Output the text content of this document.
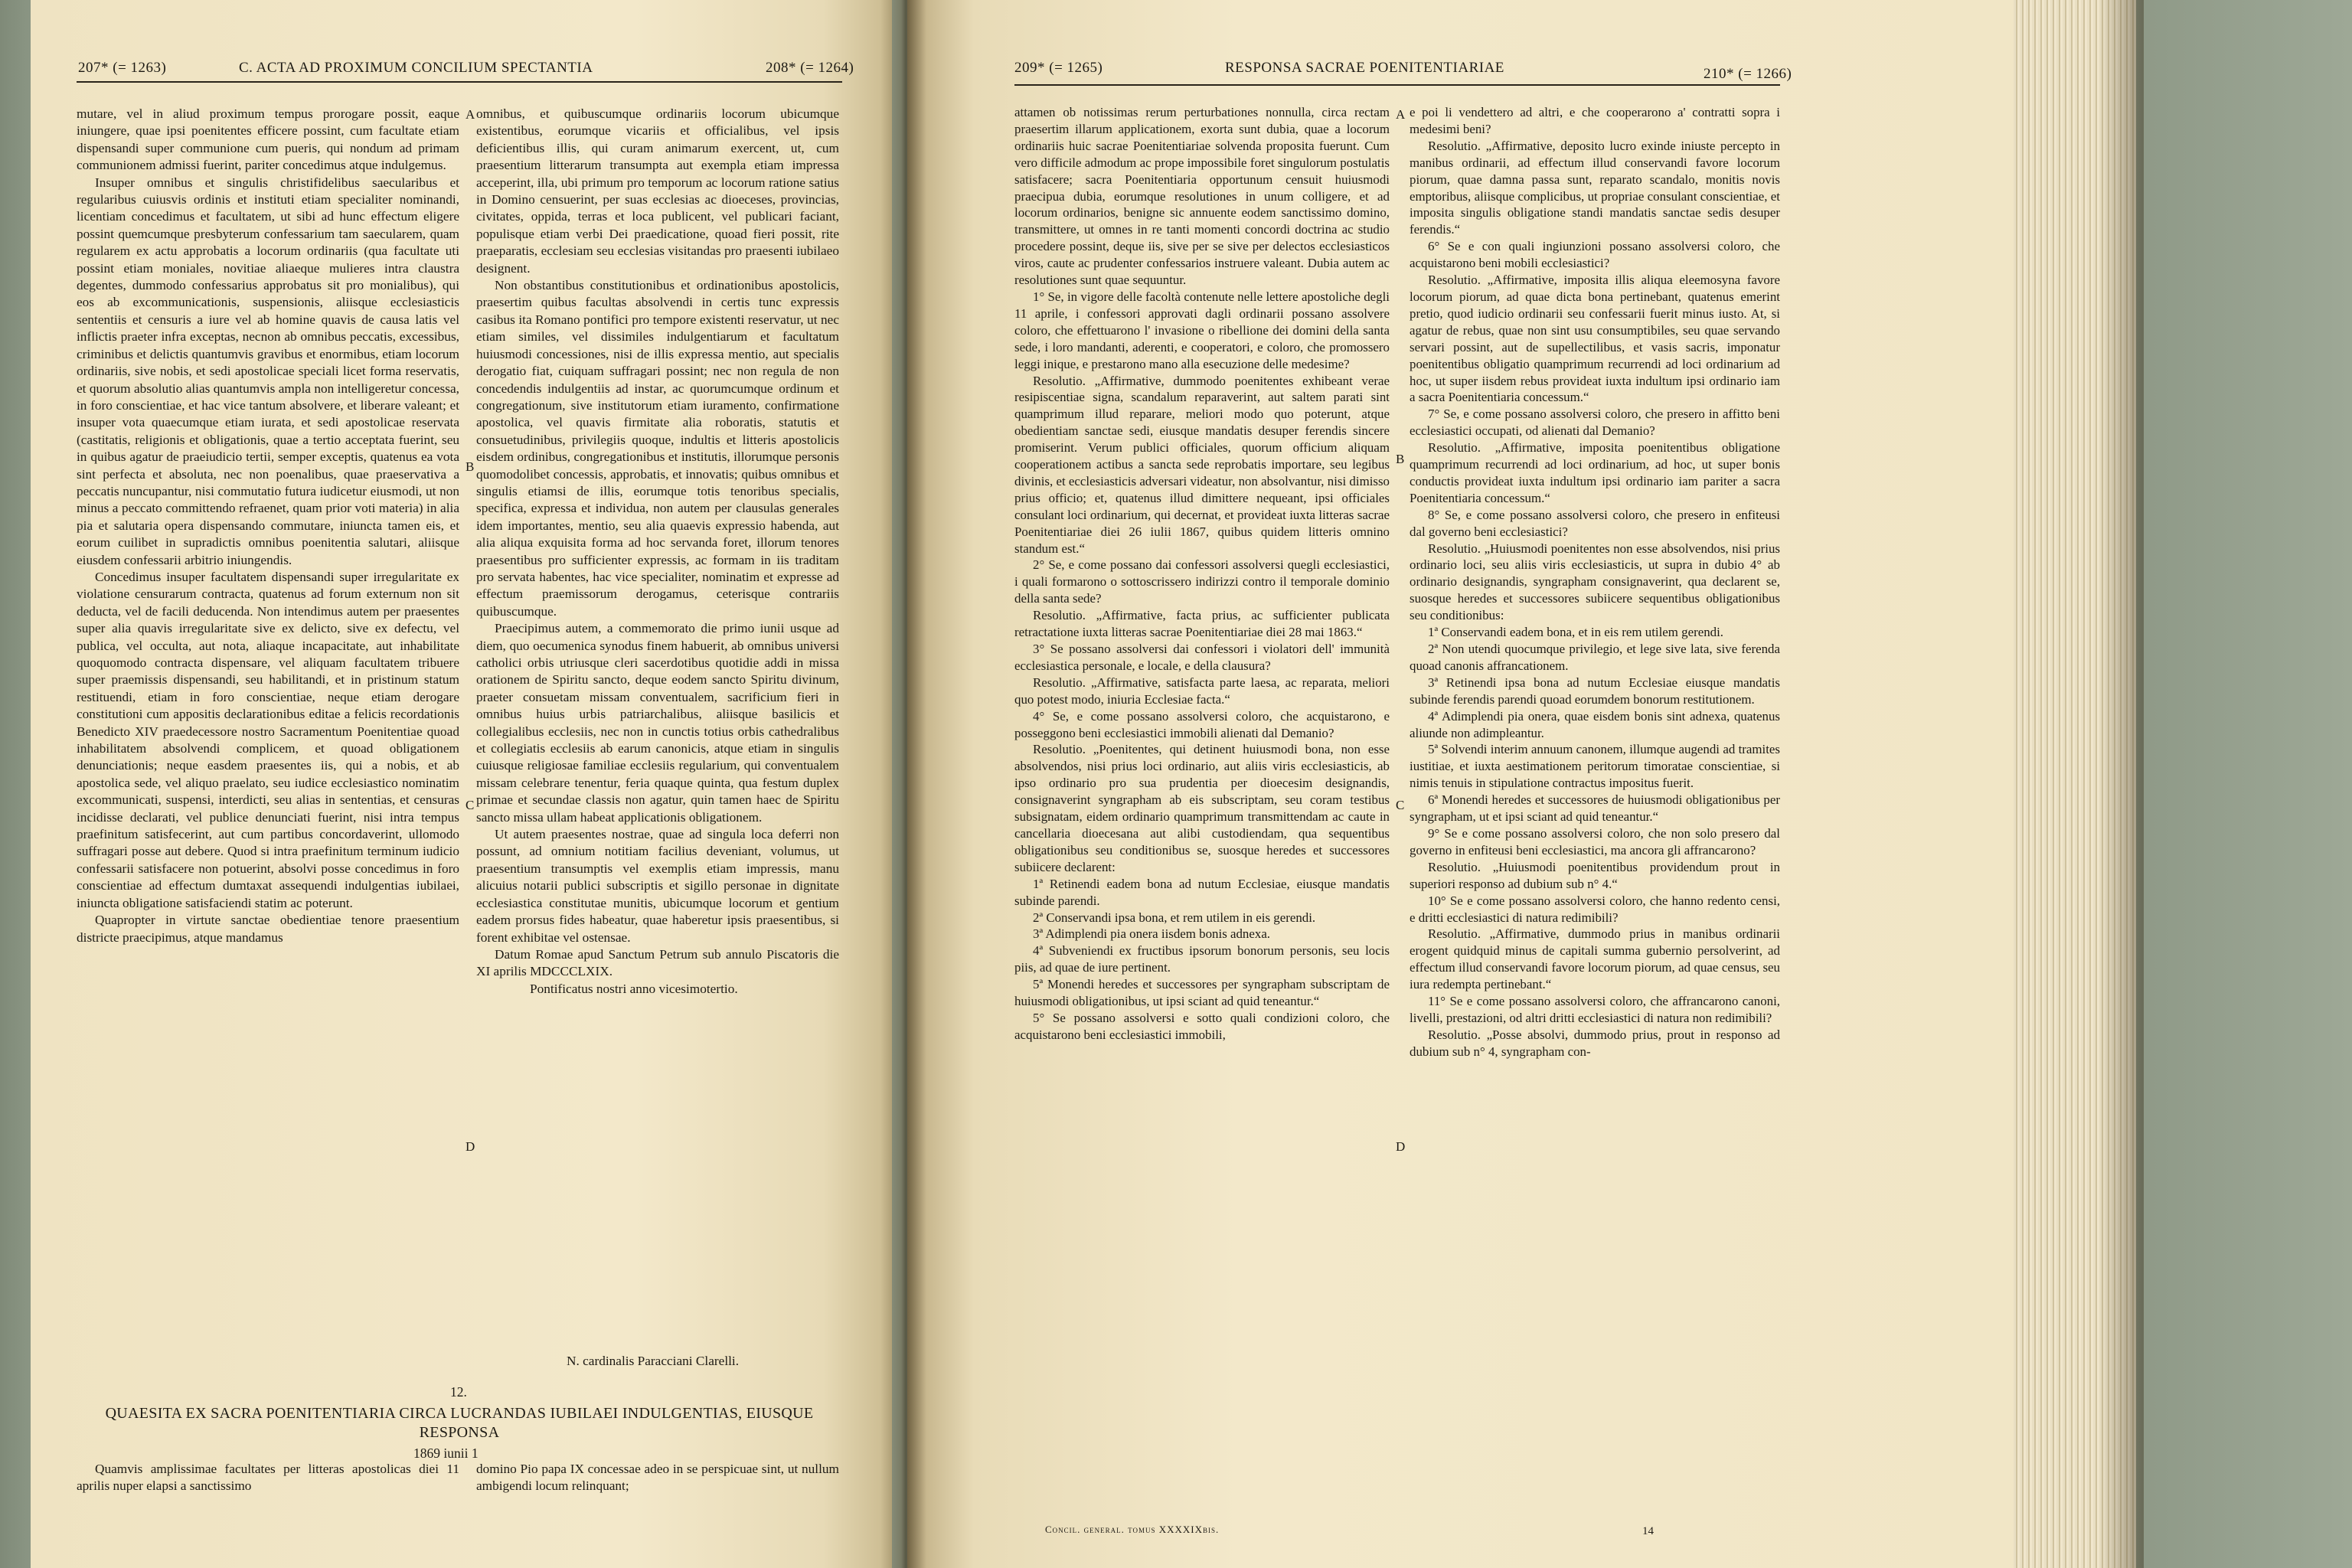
207* (= 1263)	C. ACTA AD PROXIMUM CONCILIUM SPECTANTIA	208* (= 1264)

mutare, vel in aliud proximum tempus prorogare possit, eaque iniungere, quae ipsi poenitentes efficere possint, cum facultate etiam dispensandi super communione cum pueris, qui nondum ad primam communionem admissi fuerint, pariter concedimus atque indulgemus.

Insuper omnibus et singulis christifidelibus saecularibus et regularibus cuiusvis ordinis et instituti etiam specialiter nominandi, licentiam concedimus et facultatem, ut sibi ad hunc effectum eligere possint quemcumque presbyterum confessarium tam saecularem, quam regularem ex actu approbatis a locorum ordinariis (qua facultate uti possint etiam moniales, novitiae aliaeque mulieres intra claustra degentes, dummodo confessarius approbatus sit pro monialibus), qui eos ab excommunicationis, suspensionis, aliisque ecclesiasticis sententiis et censuris a iure vel ab homine quavis de causa latis vel inflictis praeter infra exceptas, necnon ab omnibus peccatis, excessibus, criminibus et delictis quantumvis gravibus et enormibus, etiam locorum ordinariis, sive nobis, et sedi apostolicae speciali licet forma reservatis, et quorum absolutio alias quantumvis ampla non intelligeretur concessa, in foro conscientiae, et hac vice tantum absolvere, et liberare valeant; et insuper vota quaecumque etiam iurata, et sedi apostolicae reservata (castitatis, religionis et obligationis, quae a tertio acceptata fuerint, seu in quibus agatur de praeiudicio tertii, semper exceptis, quatenus ea vota sint perfecta et absoluta, nec non poenalibus, quae praeservativa a peccatis nuncupantur, nisi commutatio futura iudicetur eiusmodi, ut non minus a peccato committendo refraenet, quam prior voti materia) in alia pia et salutaria opera dispensando commutare, iniuncta tamen eis, et eorum cuilibet in supradictis omnibus poenitentia salutari, aliisque eiusdem confessarii arbitrio iniungendis.

Concedimus insuper facultatem dispensandi super irregularitate ex violatione censurarum contracta, quatenus ad forum externum non sit deducta, vel de facili deducenda. Non intendimus autem per praesentes super alia quavis irregularitate sive ex delicto, sive ex defectu, vel publica, vel occulta, aut nota, aliaque incapacitate, aut inhabilitate quoquomodo contracta dispensare, vel aliquam facultatem tribuere super praemissis dispensandi, seu habilitandi, et in pristinum statum restituendi, etiam in foro conscientiae, neque etiam derogare constitutioni cum appositis declarationibus editae a felicis recordationis Benedicto XIV praedecessore nostro Sacramentum Poenitentiae quoad inhabilitatem absolvendi complicem, et quoad obligationem denunciationis; neque easdem praesentes iis, qui a nobis, et ab apostolica sede, vel aliquo praelato, seu iudice ecclesiastico nominatim excommunicati, suspensi, interdicti, seu alias in sententias, et censuras incidisse declarati, vel publice denunciati fuerint, nisi intra tempus praefinitum satisfecerint, aut cum partibus concordaverint, ullomodo suffragari posse aut debere. Quod si intra praefinitum terminum iudicio confessarii satisfacere non potuerint, absolvi posse concedimus in foro conscientiae ad effectum dumtaxat assequendi indulgentias iubilaei, iniuncta obligatione satisfaciendi statim ac poterunt.

Quapropter in virtute sanctae obedientiae tenore praesentium districte praecipimus, atque mandamus

A
B
C
D

omnibus, et quibuscumque ordinariis locorum ubicumque existentibus, eorumque vicariis et officialibus, vel ipsis deficientibus illis, qui curam animarum exercent, ut, cum praesentium litterarum transumpta aut exempla etiam impressa acceperint, illa, ubi primum pro temporum ac locorum ratione satius in Domino censuerint, per suas ecclesias ac dioeceses, provincias, civitates, oppida, terras et loca publicent, vel publicari faciant, populisque etiam verbi Dei praedicatione, quoad fieri possit, rite praeparatis, ecclesiam seu ecclesias visitandas pro praesenti iubilaeo designent.

Non obstantibus constitutionibus et ordinationibus apostolicis, praesertim quibus facultas absolvendi in certis tunc expressis casibus ita Romano pontifici pro tempore existenti reservatur, ut nec etiam similes, vel dissimiles indulgentiarum et facultatum huiusmodi concessiones, nisi de illis expressa mentio, aut specialis derogatio fiat, cuiquam suffragari possint; nec non regula de non concedendis indulgentiis ad instar, ac quorumcumque ordinum et congregationum, sive institutorum etiam iuramento, confirmatione apostolica, vel quavis firmitate alia roboratis, statutis et consuetudinibus, privilegiis quoque, indultis et litteris apostolicis eisdem ordinibus, congregationibus et institutis, illorumque personis quomodolibet concessis, approbatis, et innovatis; quibus omnibus et singulis etiamsi de illis, eorumque totis tenoribus specialis, specifica, expressa et individua, non autem per clausulas generales idem importantes, mentio, seu alia quaevis expressio habenda, aut alia aliqua exquisita forma ad hoc servanda foret, illorum tenores praesentibus pro sufficienter expressis, ac formam in iis traditam pro servata habentes, hac vice specialiter, nominatim et expresse ad effectum praemissorum derogamus, ceterisque contrariis quibuscumque.

Praecipimus autem, a commemorato die primo iunii usque ad diem, quo oecumenica synodus finem habuerit, ab omnibus universi catholici orbis utriusque cleri sacerdotibus quotidie addi in missa orationem de Spiritu sancto, deque eodem sancto Spiritu divinum, praeter consuetam missam conventualem, sacrificium fieri in omnibus huius urbis patriarchalibus, aliisque basilicis et collegialibus ecclesiis, nec non in cunctis totius orbis cathedralibus et collegiatis ecclesiis ab earum canonicis, atque etiam in singulis cuiusque religiosae familiae ecclesiis regularium, qui conventualem missam celebrare tenentur, feria quaque quinta, qua festum duplex primae et secundae classis non agatur, quin tamen haec de Spiritu sancto missa ullam habeat applicationis obligationem.

Ut autem praesentes nostrae, quae ad singula loca deferri non possunt, ad omnium notitiam facilius deveniant, volumus, ut praesentium transumptis vel exemplis etiam impressis, manu alicuius notarii publici subscriptis et sigillo personae in dignitate ecclesiastica constitutae munitis, ubicumque locorum et gentium eadem prorsus fides habeatur, quae haberetur ipsis praesentibus, si forent exhibitae vel ostensae.

Datum Romae apud Sanctum Petrum sub annulo Piscatoris die XI aprilis MDCCCLXIX.

Pontificatus nostri anno vicesimotertio.

N. cardinalis Paracciani Clarelli.
12.
QUAESITA EX SACRA POENITENTIARIA CIRCA LUCRANDAS IUBILAEI INDULGENTIAS, EIUSQUE RESPONSA
1869 iunii 1

Quamvis amplissimae facultates per litteras apostolicas diei 11 aprilis nuper elapsi a sanctissimo

domino Pio papa IX concessae adeo in se perspicuae sint, ut nullum ambigendi locum relinquant;

209* (= 1265)	RESPONSA SACRAE POENITENTIARIAE	210* (= 1266)

attamen ob notissimas rerum perturbationes nonnulla, circa rectam praesertim illarum applicationem, exorta sunt dubia, quae a locorum ordinariis huic sacrae Poenitentiariae solvenda proposita fuerunt. Cum vero difficile admodum ac prope impossibile foret singulorum postulatis satisfacere; sacra Poenitentiaria opportunum censuit huiusmodi praecipua dubia, eorumque resolutiones in unum colligere, et ad locorum ordinarios, benigne sic annuente eodem sanctissimo domino, transmittere, ut omnes in re tanti momenti concordi doctrina ac studio procedere possint, deque iis, sive per se sive per delectos ecclesiasticos viros, caute ac prudenter confessarios instruere valeant. Dubia autem ac resolutiones sunt quae sequuntur.

1° Se, in vigore delle facoltà contenute nelle lettere apostoliche degli 11 aprile, i confessori approvati dagli ordinarii possano assolvere coloro, che effettuarono l' invasione o ribellione dei domini della santa sede, i loro mandanti, aderenti, e cooperatori, e coloro, che promossero leggi inique, e prestarono mano alla esecuzione delle medesime?

Resolutio. „Affirmative, dummodo poenitentes exhibeant verae resipiscentiae signa, scandalum reparaverint, aut saltem parati sint quamprimum illud reparare, meliori modo quo poterunt, atque obedientiam sanctae sedi, eiusque mandatis desuper ferendis sincere promiserint. Verum publici officiales, quorum officium aliquam cooperationem actibus a sancta sede reprobatis importare, seu legibus divinis, et ecclesiasticis adversari videatur, non absolvantur, nisi dimisso prius officio; et, quatenus illud dimittere nequeant, ipsi officiales consulant loci ordinarium, qui decernat, et provideat iuxta litteras sacrae Poenitentiariae diei 26 iulii 1867, quibus quidem litteris omnino standum est.“

2° Se, e come possano dai confessori assolversi quegli ecclesiastici, i quali formarono o sottoscrissero indirizzi contro il temporale dominio della santa sede?

Resolutio. „Affirmative, facta prius, ac sufficienter publicata retractatione iuxta litteras sacrae Poenitentiariae diei 28 mai 1863.“

3° Se possano assolversi dai confessori i violatori dell' immunità ecclesiastica personale, e locale, e della clausura?

Resolutio. „Affirmative, satisfacta parte laesa, ac reparata, meliori quo potest modo, iniuria Ecclesiae facta.“

4° Se, e come possano assolversi coloro, che acquistarono, e posseggono beni ecclesiastici immobili alienati dal Demanio?

Resolutio. „Poenitentes, qui detinent huiusmodi bona, non esse absolvendos, nisi prius loci ordinario, aut aliis viris ecclesiasticis, ab ipso ordinario pro sua prudentia per dioecesim designandis, consignaverint syngrapham ab eis subscriptam, seu coram testibus subsignatam, eidem ordinario quamprimum transmittendam ac caute in cancellaria dioecesana aut alibi custodiendam, qua sequentibus obligationibus seu conditionibus se, suosque heredes et successores subiicere declarent:

1ª Retinendi eadem bona ad nutum Ecclesiae, eiusque mandatis subinde parendi.

2ª Conservandi ipsa bona, et rem utilem in eis gerendi.

3ª Adimplendi pia onera iisdem bonis adnexa.

4ª Subveniendi ex fructibus ipsorum bonorum personis, seu locis piis, ad quae de iure pertinent.

5ª Monendi heredes et successores per syngrapham subscriptam de huiusmodi obligationibus, ut ipsi sciant ad quid teneantur.“

5° Se possano assolversi e sotto quali condizioni coloro, che acquistarono beni ecclesiastici immobili,

A
B
C
D

e poi li vendettero ad altri, e che cooperarono a' contratti sopra i medesimi beni?

Resolutio. „Affirmative, deposito lucro exinde iniuste percepto in manibus ordinarii, ad effectum illud conservandi favore locorum piorum, quae damna passa sunt, reparato scandalo, monitis novis emptoribus, aliisque complicibus, ut propriae consulant conscientiae, et imposita singulis obligatione standi mandatis sanctae sedis desuper ferendis.“

6° Se e con quali ingiunzioni possano assolversi coloro, che acquistarono beni mobili ecclesiastici?

Resolutio. „Affirmative, imposita illis aliqua eleemosyna favore locorum piorum, ad quae dicta bona pertinebant, quatenus emerint pretio, quod iudicio ordinarii seu confessarii fuerit minus iusto. At, si agatur de rebus, quae non sint usu consumptibiles, seu quae servando servari possint, aut de supellectilibus, et vasis sacris, imponatur poenitentibus obligatio quamprimum recurrendi ad loci ordinarium ad hoc, ut super iisdem rebus provideat iuxta indultum ipsi ordinario iam a sacra Poenitentiaria concessum.“

7° Se, e come possano assolversi coloro, che presero in affitto beni ecclesiastici occupati, od alienati dal Demanio?

Resolutio. „Affirmative, imposita poenitentibus obligatione quamprimum recurrendi ad loci ordinarium, ad hoc, ut super bonis conductis provideat iuxta indultum ipsi ordinario iam pariter a sacra Poenitentiaria concessum.“

8° Se, e come possano assolversi coloro, che presero in enfiteusi dal governo beni ecclesiastici?

Resolutio. „Huiusmodi poenitentes non esse absolvendos, nisi prius ordinario loci, seu aliis viris ecclesiasticis, ut supra in dubio 4° ab ordinario designandis, syngrapham consignaverint, qua declarent se, suosque heredes et successores subiicere sequentibus obligationibus seu conditionibus:

1ª Conservandi eadem bona, et in eis rem utilem gerendi.

2ª Non utendi quocumque privilegio, et lege sive lata, sive ferenda quoad canonis affrancationem.

3ª Retinendi ipsa bona ad nutum Ecclesiae eiusque mandatis subinde ferendis parendi quoad eorumdem bonorum restitutionem.

4ª Adimplendi pia onera, quae eisdem bonis sint adnexa, quatenus aliunde non adimpleantur.

5ª Solvendi interim annuum canonem, illumque augendi ad tramites iustitiae, et iuxta aestimationem peritorum timoratae conscientiae, si nimis tenuis in stipulatione contractus impositus fuerit.

6ª Monendi heredes et successores de huiusmodi obligationibus per syngrapham, ut et ipsi sciant ad quid teneantur.“

9° Se e come possano assolversi coloro, che non solo presero dal governo in enfiteusi beni ecclesiastici, ma ancora gli affrancarono?

Resolutio. „Huiusmodi poenitentibus providendum prout in superiori responso ad dubium sub n° 4.“

10° Se e come possano assolversi coloro, che hanno redento censi, e dritti ecclesiastici di natura redimibili?

Resolutio. „Affirmative, dummodo prius in manibus ordinarii erogent quidquid minus de capitali summa gubernio persolverint, ad effectum illud conservandi favore locorum piorum, ad quae census, seu iura redempta pertinebant.“

11° Se e come possano assolversi coloro, che affrancarono canoni, livelli, prestazioni, od altri dritti ecclesiastici di natura non redimibili?

Resolutio. „Posse absolvi, dummodo prius, prout in responso ad dubium sub n° 4, syngrapham con-

Concil. general. tomus XXXXIXbis.	14
